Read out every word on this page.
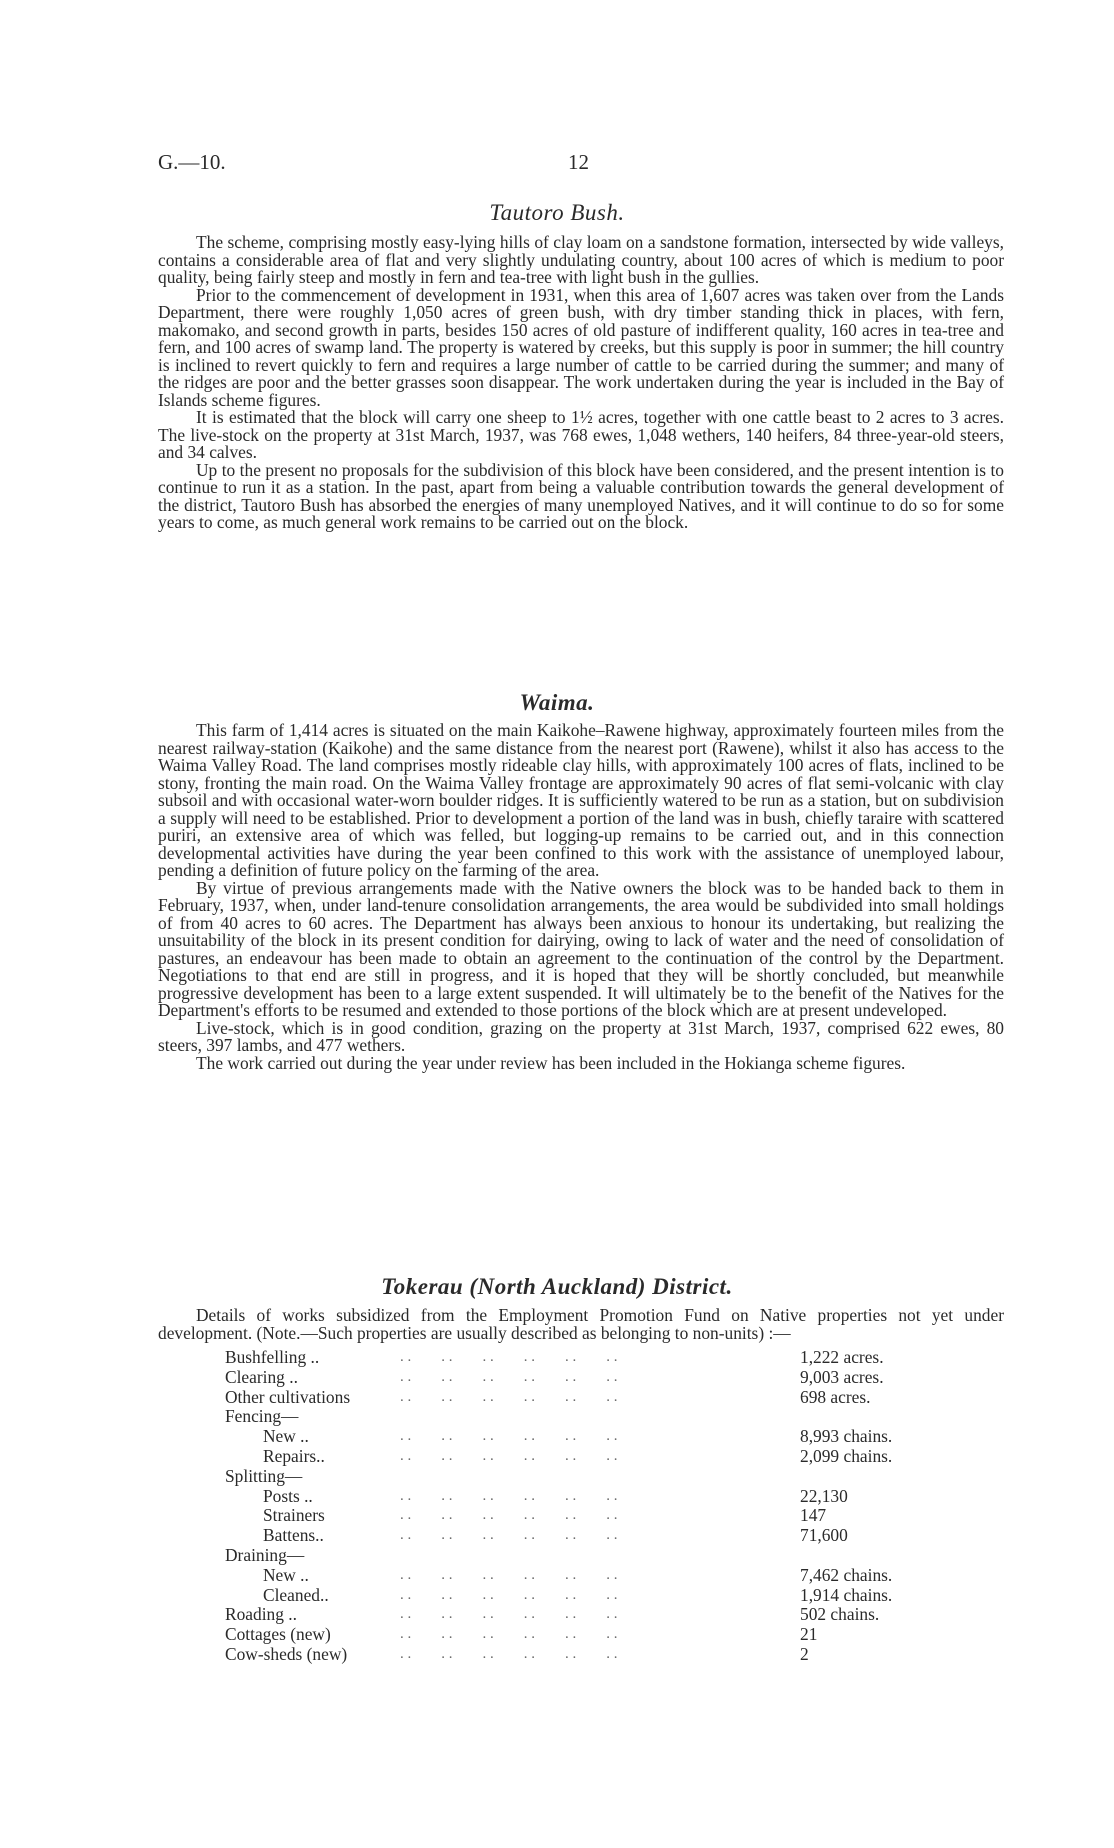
G.—10.	12
Tautoro Bush.

The scheme, comprising mostly easy-lying hills of clay loam on a sandstone formation, intersected by wide valleys, contains a considerable area of flat and very slightly undulating country, about 100 acres of which is medium to poor quality, being fairly steep and mostly in fern and tea-tree with light bush in the gullies.

Prior to the commencement of development in 1931, when this area of 1,607 acres was taken over from the Lands Department, there were roughly 1,050 acres of green bush, with dry timber standing thick in places, with fern, makomako, and second growth in parts, besides 150 acres of old pasture of indifferent quality, 160 acres in tea-tree and fern, and 100 acres of swamp land. The property is watered by creeks, but this supply is poor in summer; the hill country is inclined to revert quickly to fern and requires a large number of cattle to be carried during the summer; and many of the ridges are poor and the better grasses soon disappear. The work undertaken during the year is included in the Bay of Islands scheme figures.

It is estimated that the block will carry one sheep to 1½ acres, together with one cattle beast to 2 acres to 3 acres. The live-stock on the property at 31st March, 1937, was 768 ewes, 1,048 wethers, 140 heifers, 84 three-year-old steers, and 34 calves.

Up to the present no proposals for the subdivision of this block have been considered, and the present intention is to continue to run it as a station. In the past, apart from being a valuable contribution towards the general development of the district, Tautoro Bush has absorbed the energies of many unemployed Natives, and it will continue to do so for some years to come, as much general work remains to be carried out on the block.

Waima.

This farm of 1,414 acres is situated on the main Kaikohe–Rawene highway, approximately fourteen miles from the nearest railway-station (Kaikohe) and the same distance from the nearest port (Rawene), whilst it also has access to the Waima Valley Road. The land comprises mostly rideable clay hills, with approximately 100 acres of flats, inclined to be stony, fronting the main road. On the Waima Valley frontage are approximately 90 acres of flat semi-volcanic with clay subsoil and with occasional water-worn boulder ridges. It is sufficiently watered to be run as a station, but on subdivision a supply will need to be established. Prior to development a portion of the land was in bush, chiefly taraire with scattered puriri, an extensive area of which was felled, but logging-up remains to be carried out, and in this connection developmental activities have during the year been confined to this work with the assistance of unemployed labour, pending a definition of future policy on the farming of the area.

By virtue of previous arrangements made with the Native owners the block was to be handed back to them in February, 1937, when, under land-tenure consolidation arrangements, the area would be subdivided into small holdings of from 40 acres to 60 acres. The Department has always been anxious to honour its undertaking, but realizing the unsuitability of the block in its present condition for dairying, owing to lack of water and the need of consolidation of pastures, an endeavour has been made to obtain an agreement to the continuation of the control by the Department. Negotiations to that end are still in progress, and it is hoped that they will be shortly concluded, but meanwhile progressive development has been to a large extent suspended. It will ultimately be to the benefit of the Natives for the Department's efforts to be resumed and extended to those portions of the block which are at present undeveloped.

Live-stock, which is in good condition, grazing on the property at 31st March, 1937, comprised 622 ewes, 80 steers, 397 lambs, and 477 wethers.

The work carried out during the year under review has been included in the Hokianga scheme figures.

Tokerau (North Auckland) District.

Details of works subsidized from the Employment Promotion Fund on Native properties not yet under development. (Note.—Such properties are usually described as belonging to non-units) :—

Bushfelling ..	. .        . .        . .        . .        . .        . .	1,222 acres.
Clearing ..	. .        . .        . .        . .        . .        . .	9,003 acres.
Other cultivations	. .        . .        . .        . .        . .        . .	698 acres.
Fencing—
New ..	. .        . .        . .        . .        . .        . .	8,993 chains.
Repairs..	. .        . .        . .        . .        . .        . .	2,099 chains.
Splitting—
Posts ..	. .        . .        . .        . .        . .        . .	22,130
Strainers	. .        . .        . .        . .        . .        . .	147
Battens..	. .        . .        . .        . .        . .        . .	71,600
Draining—
New ..	. .        . .        . .        . .        . .        . .	7,462 chains.
Cleaned..	. .        . .        . .        . .        . .        . .	1,914 chains.
Roading ..	. .        . .        . .        . .        . .        . .	502 chains.
Cottages (new)	. .        . .        . .        . .        . .        . .	21
Cow-sheds (new)	. .        . .        . .        . .        . .        . .	2
